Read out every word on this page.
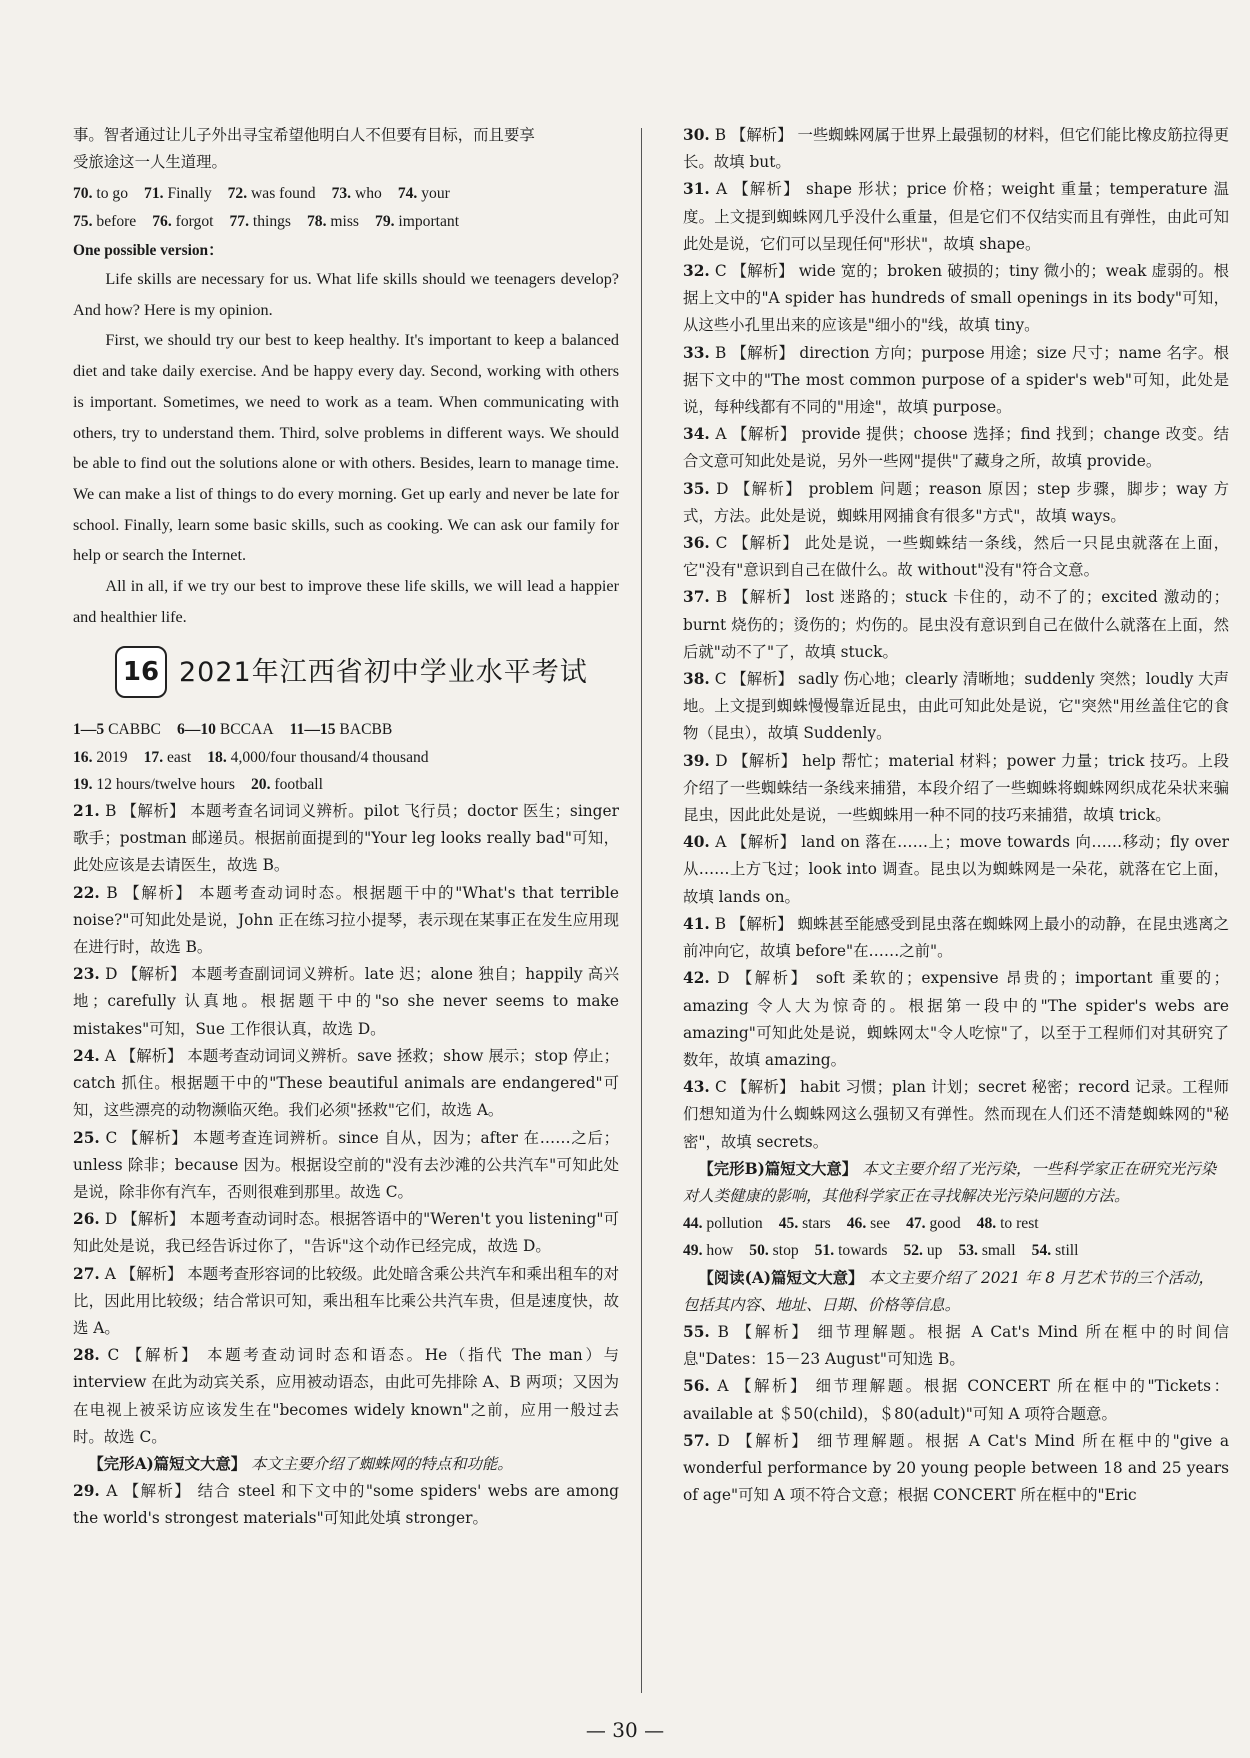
事。智者通过让儿子外出寻宝希望他明白人不但要有目标，而且要享

受旅途这一人生道理。

70. to go 71. Finally 72. was found 73. who 74. your

75. before 76. forgot 77. things 78. miss 79. important

One possible version：

Life skills are necessary for us. What life skills should we teenagers develop? And how? Here is my opinion.

First, we should try our best to keep healthy. It's important to keep a balanced diet and take daily exercise. And be happy every day. Second, working with others is important. Sometimes, we need to work as a team. When communicating with others, try to understand them. Third, solve problems in different ways. We should be able to find out the solutions alone or with others. Besides, learn to manage time. We can make a list of things to do every morning. Get up early and never be late for school. Finally, learn some basic skills, such as cooking. We can ask our family for help or search the Internet.

All in all, if we try our best to improve these life skills, we will lead a happier and healthier life.

16 2021年江西省初中学业水平考试

1—5 CABBC 6—10 BCCAA 11—15 BACBB

16. 2019 17. east 18. 4,000/four thousand/4 thousand

19. 12 hours/twelve hours 20. football

21. B 【解析】 本题考查名词词义辨析。pilot 飞行员；doctor 医生；singer 歌手；postman 邮递员。根据前面提到的"Your leg looks really bad"可知，此处应该是去请医生，故选 B。

22. B 【解析】 本题考查动词时态。根据题干中的"What's that terrible noise?"可知此处是说，John 正在练习拉小提琴，表示现在某事正在发生应用现在进行时，故选 B。

23. D 【解析】 本题考查副词词义辨析。late 迟；alone 独自；happily 高兴地；carefully 认真地。根据题干中的"so she never seems to make mistakes"可知，Sue 工作很认真，故选 D。

24. A 【解析】 本题考查动词词义辨析。save 拯救；show 展示；stop 停止；catch 抓住。根据题干中的"These beautiful animals are endangered"可知，这些漂亮的动物濒临灭绝。我们必须"拯救"它们，故选 A。

25. C 【解析】 本题考查连词辨析。since 自从，因为；after 在……之后；unless 除非；because 因为。根据设空前的"没有去沙滩的公共汽车"可知此处是说，除非你有汽车，否则很难到那里。故选 C。

26. D 【解析】 本题考查动词时态。根据答语中的"Weren't you listening"可知此处是说，我已经告诉过你了，"告诉"这个动作已经完成，故选 D。

27. A 【解析】 本题考查形容词的比较级。此处暗含乘公共汽车和乘出租车的对比，因此用比较级；结合常识可知，乘出租车比乘公共汽车贵，但是速度快，故选 A。

28. C 【解析】 本题考查动词时态和语态。He（指代 The man）与 interview 在此为动宾关系，应用被动语态，由此可先排除 A、B 两项；又因为在电视上被采访应该发生在"becomes widely known"之前，应用一般过去时。故选 C。

【完形A)篇短文大意】 本文主要介绍了蜘蛛网的特点和功能。

29. A 【解析】 结合 steel 和下文中的"some spiders' webs are among the world's strongest materials"可知此处填 stronger。

30. B 【解析】 一些蜘蛛网属于世界上最强韧的材料，但它们能比橡皮筋拉得更长。故填 but。

31. A 【解析】 shape 形状；price 价格；weight 重量；temperature 温度。上文提到蜘蛛网几乎没什么重量，但是它们不仅结实而且有弹性，由此可知此处是说，它们可以呈现任何"形状"，故填 shape。

32. C 【解析】 wide 宽的；broken 破损的；tiny 微小的；weak 虚弱的。根据上文中的"A spider has hundreds of small openings in its body"可知，从这些小孔里出来的应该是"细小的"线，故填 tiny。

33. B 【解析】 direction 方向；purpose 用途；size 尺寸；name 名字。根据下文中的"The most common purpose of a spider's web"可知，此处是说，每种线都有不同的"用途"，故填 purpose。

34. A 【解析】 provide 提供；choose 选择；find 找到；change 改变。结合文意可知此处是说，另外一些网"提供"了藏身之所，故填 provide。

35. D 【解析】 problem 问题；reason 原因；step 步骤，脚步；way 方式，方法。此处是说，蜘蛛用网捕食有很多"方式"，故填 ways。

36. C 【解析】 此处是说，一些蜘蛛结一条线，然后一只昆虫就落在上面，它"没有"意识到自己在做什么。故 without"没有"符合文意。

37. B 【解析】 lost 迷路的；stuck 卡住的，动不了的；excited 激动的；burnt 烧伤的；烫伤的；灼伤的。昆虫没有意识到自己在做什么就落在上面，然后就"动不了"了，故填 stuck。

38. C 【解析】 sadly 伤心地；clearly 清晰地；suddenly 突然；loudly 大声地。上文提到蜘蛛慢慢靠近昆虫，由此可知此处是说，它"突然"用丝盖住它的食物（昆虫），故填 Suddenly。

39. D 【解析】 help 帮忙；material 材料；power 力量；trick 技巧。上段介绍了一些蜘蛛结一条线来捕猎，本段介绍了一些蜘蛛将蜘蛛网织成花朵状来骗昆虫，因此此处是说，一些蜘蛛用一种不同的技巧来捕猎，故填 trick。

40. A 【解析】 land on 落在……上；move towards 向……移动；fly over 从……上方飞过；look into 调查。昆虫以为蜘蛛网是一朵花，就落在它上面，故填 lands on。

41. B 【解析】 蜘蛛甚至能感受到昆虫落在蜘蛛网上最小的动静，在昆虫逃离之前冲向它，故填 before"在……之前"。

42. D 【解析】 soft 柔软的；expensive 昂贵的；important 重要的；amazing 令人大为惊奇的。根据第一段中的"The spider's webs are amazing"可知此处是说，蜘蛛网太"令人吃惊"了，以至于工程师们对其研究了数年，故填 amazing。

43. C 【解析】 habit 习惯；plan 计划；secret 秘密；record 记录。工程师们想知道为什么蜘蛛网这么强韧又有弹性。然而现在人们还不清楚蜘蛛网的"秘密"，故填 secrets。

【完形B)篇短文大意】 本文主要介绍了光污染，一些科学家正在研究光污染对人类健康的影响，其他科学家正在寻找解决光污染问题的方法。

44. pollution 45. stars 46. see 47. good 48. to rest

49. how 50. stop 51. towards 52. up 53. small 54. still

【阅读(A)篇短文大意】 本文主要介绍了 2021 年 8 月艺术节的三个活动，包括其内容、地址、日期、价格等信息。

55. B 【解析】 细节理解题。根据 A Cat's Mind 所在框中的时间信息"Dates：15－23 August"可知选 B。

56. A 【解析】 细节理解题。根据 CONCERT 所在框中的"Tickets：available at ＄50(child)，＄80(adult)"可知 A 项符合题意。

57. D 【解析】 细节理解题。根据 A Cat's Mind 所在框中的"give a wonderful performance by 20 young people between 18 and 25 years of age"可知 A 项不符合文意；根据 CONCERT 所在框中的"Eric

— 30 —
